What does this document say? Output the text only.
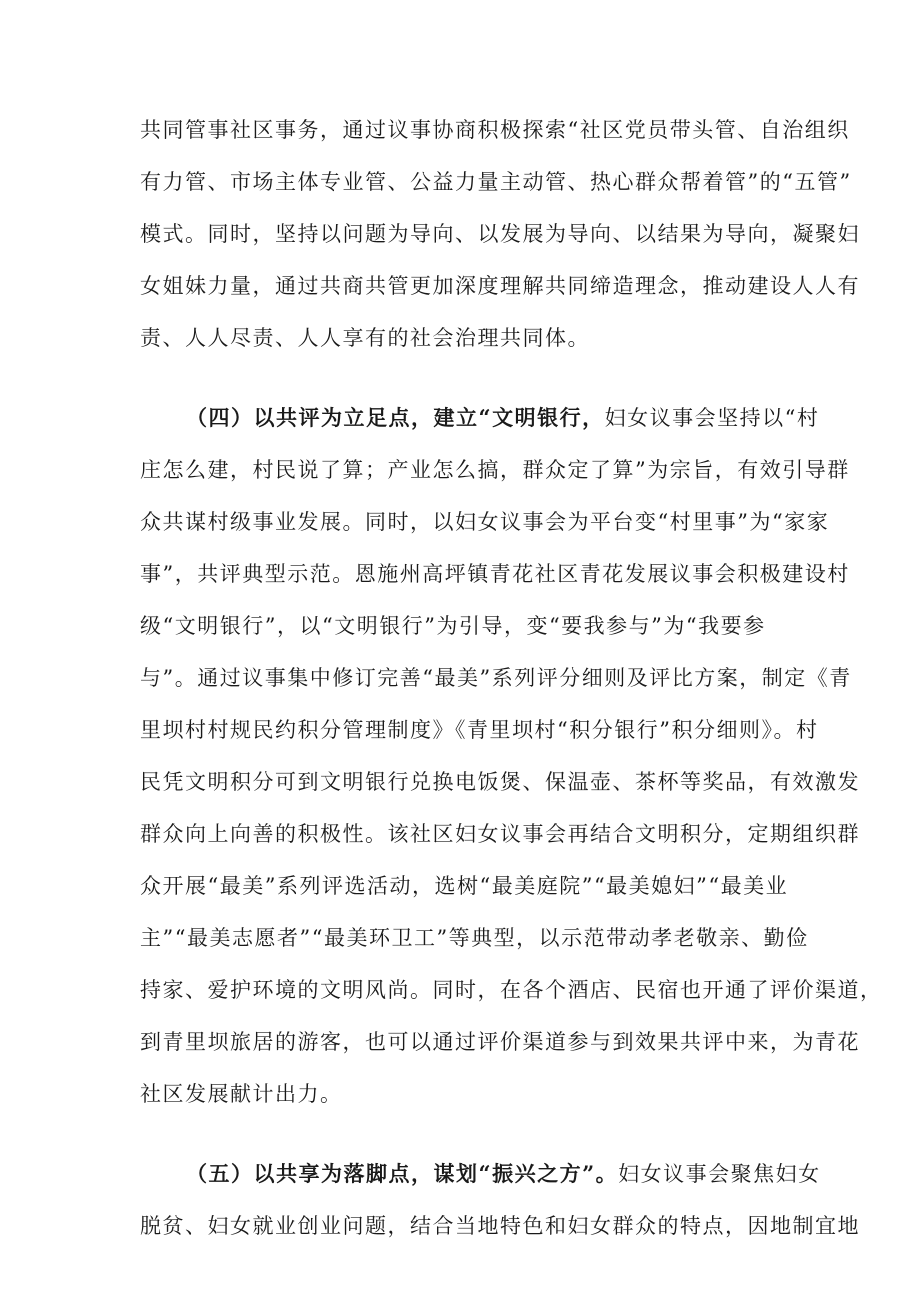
共同管事社区事务，通过议事协商积极探索“社区党员带头管、自治组织
有力管、市场主体专业管、公益力量主动管、热心群众帮着管”的“五管”
模式。同时，坚持以问题为导向、以发展为导向、以结果为导向，凝聚妇
女姐妹力量，通过共商共管更加深度理解共同缔造理念，推动建设人人有
责、人人尽责、人人享有的社会治理共同体。
（四）以共评为立足点，建立“文明银行，妇女议事会坚持以“村
庄怎么建，村民说了算；产业怎么搞，群众定了算”为宗旨，有效引导群
众共谋村级事业发展。同时，以妇女议事会为平台变“村里事”为“家家
事”，共评典型示范。恩施州高坪镇青花社区青花发展议事会积极建设村
级“文明银行”，以“文明银行”为引导，变“要我参与”为“我要参
与”。通过议事集中修订完善“最美”系列评分细则及评比方案，制定《青
里坝村村规民约积分管理制度》《青里坝村“积分银行”积分细则》。村
民凭文明积分可到文明银行兑换电饭煲、保温壶、茶杯等奖品，有效激发
群众向上向善的积极性。该社区妇女议事会再结合文明积分，定期组织群
众开展“最美”系列评选活动，选树“最美庭院”“最美媳妇”“最美业
主”“最美志愿者”“最美环卫工”等典型，以示范带动孝老敬亲、勤俭
持家、爱护环境的文明风尚。同时，在各个酒店、民宿也开通了评价渠道，
到青里坝旅居的游客，也可以通过评价渠道参与到效果共评中来，为青花
社区发展献计出力。
（五）以共享为落脚点，谋划“振兴之方”。妇女议事会聚焦妇女
脱贫、妇女就业创业问题，结合当地特色和妇女群众的特点，因地制宜地
